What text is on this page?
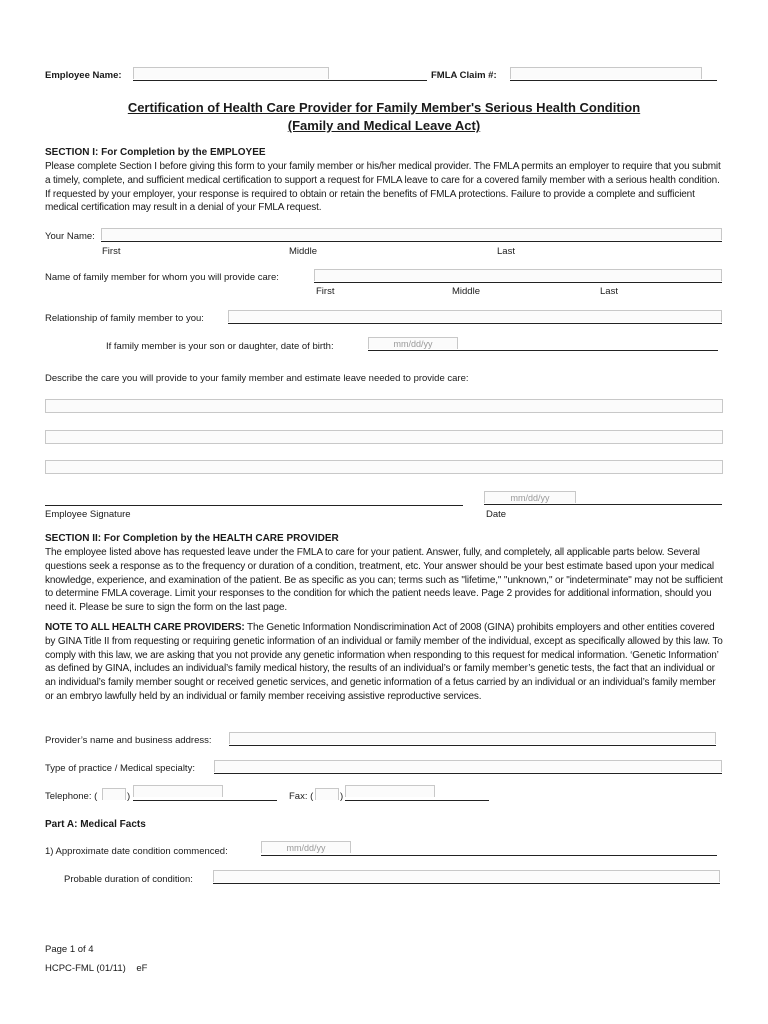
Employee Name:	FMLA Claim #:
Certification of Health Care Provider for Family Member's Serious Health Condition
(Family and Medical Leave Act)
SECTION I: For Completion by the EMPLOYEE
Please complete Section I before giving this form to your family member or his/her medical provider. The FMLA permits an employer to require that you submit a timely, complete, and sufficient medical certification to support a request for FMLA leave to care for a covered family member with a serious health condition. If requested by your employer, your response is required to obtain or retain the benefits of FMLA protections. Failure to provide a complete and sufficient medical certification may result in a denial of your FMLA request.
Your Name:
First	Middle	Last
Name of family member for whom you will provide care:
First	Middle	Last
Relationship of family member to you:
If family member is your son or daughter, date of birth:
mm/dd/yy
Describe the care you will provide to your family member and estimate leave needed to provide care:
mm/dd/yy
Employee Signature	Date
SECTION II: For Completion by the HEALTH CARE PROVIDER
The employee listed above has requested leave under the FMLA to care for your patient. Answer, fully, and completely, all applicable parts below. Several questions seek a response as to the frequency or duration of a condition, treatment, etc. Your answer should be your best estimate based upon your medical knowledge, experience, and examination of the patient. Be as specific as you can; terms such as "lifetime," "unknown," or "indeterminate" may not be sufficient to determine FMLA coverage. Limit your responses to the condition for which the patient needs leave. Page 2 provides for additional information, should you need it. Please be sure to sign the form on the last page.
NOTE TO ALL HEALTH CARE PROVIDERS: The Genetic Information Nondiscrimination Act of 2008 (GINA) prohibits employers and other entities covered by GINA Title II from requesting or requiring genetic information of an individual or family member of the individual, except as specifically allowed by this law. To comply with this law, we are asking that you not provide any genetic information when responding to this request for medical information. ‘Genetic Information’ as defined by GINA, includes an individual’s family medical history, the results of an individual’s or family member’s genetic tests, the fact that an individual or an individual’s family member sought or received genetic services, and genetic information of a fetus carried by an individual or an individual’s family member or an embryo lawfully held by an individual or family member receiving assistive reproductive services.
Provider’s name and business address:
Type of practice / Medical specialty:
Telephone: (	)	Fax: (	)
Part A: Medical Facts
1) Approximate date condition commenced:
mm/dd/yy
Probable duration of condition:
Page 1 of 4
HCPC-FML (01/11)    eF
